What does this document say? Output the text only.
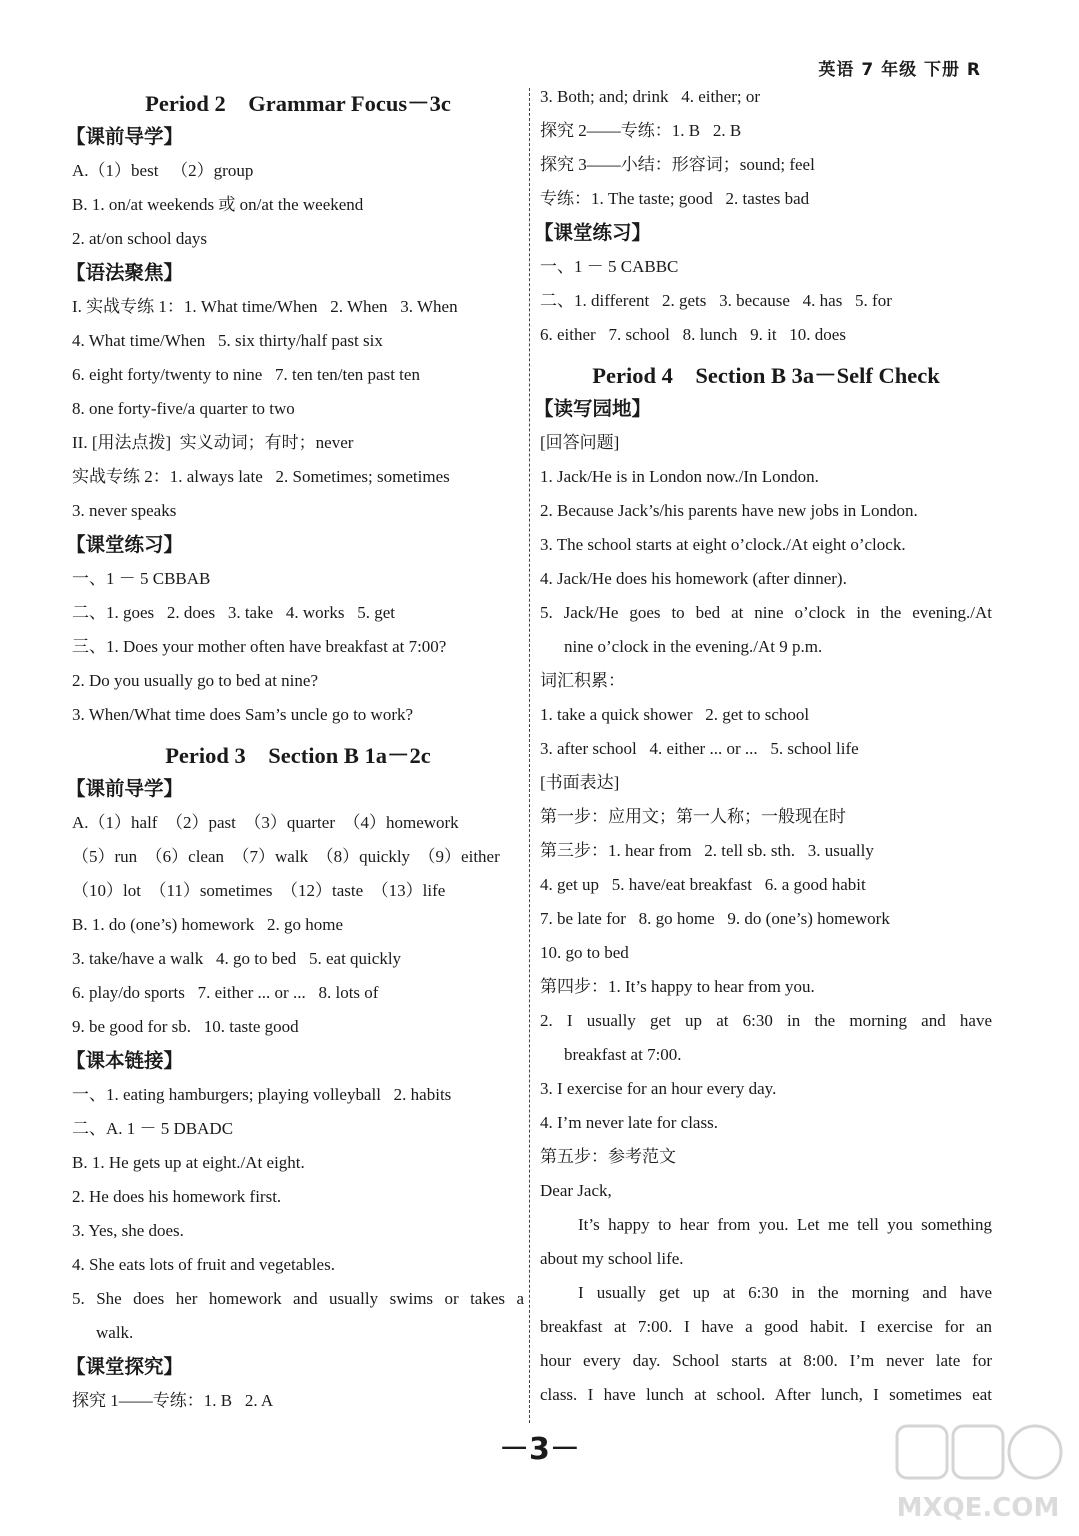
英语 7 年级 下册 R
Period 2    Grammar Focus－3c
【课前导学】
A.（1）best   （2）group
B. 1. on/at weekends 或 on/at the weekend
2. at/on school days
【语法聚焦】
I. 实战专练 1：1. What time/When   2. When   3. When
4. What time/When   5. six thirty/half past six
6. eight forty/twenty to nine   7. ten ten/ten past ten
8. one forty-five/a quarter to two
II. [用法点拨]  实义动词；有时；never
实战专练 2：1. always late   2. Sometimes; sometimes
3. never speaks
【课堂练习】
一、1 － 5 CBBAB
二、1. goes   2. does   3. take   4. works   5. get
三、1. Does your mother often have breakfast at 7:00?
2. Do you usually go to bed at nine?
3. When/What time does Sam’s uncle go to work?
Period 3    Section B 1a－2c
【课前导学】
A.（1）half  （2）past  （3）quarter  （4）homework
（5）run  （6）clean  （7）walk  （8）quickly  （9）either
（10）lot  （11）sometimes  （12）taste  （13）life
B. 1. do (one’s) homework   2. go home
3. take/have a walk   4. go to bed   5. eat quickly
6. play/do sports   7. either ... or ...   8. lots of
9. be good for sb.   10. taste good
【课本链接】
一、1. eating hamburgers; playing volleyball   2. habits
二、A. 1 － 5 DBADC
B. 1. He gets up at eight./At eight.
2. He does his homework first.
3. Yes, she does.
4. She eats lots of fruit and vegetables.
5. She does her homework and usually swims or takes a
walk.
【课堂探究】
探究 1——专练：1. B   2. A
3. Both; and; drink   4. either; or
探究 2——专练：1. B   2. B
探究 3——小结：形容词；sound; feel
专练：1. The taste; good   2. tastes bad
【课堂练习】
一、1 － 5 CABBC
二、1. different   2. gets   3. because   4. has   5. for
6. either   7. school   8. lunch   9. it   10. does
Period 4    Section B 3a－Self Check
【读写园地】
[回答问题]
1. Jack/He is in London now./In London.
2. Because Jack’s/his parents have new jobs in London.
3. The school starts at eight o’clock./At eight o’clock.
4. Jack/He does his homework (after dinner).
5. Jack/He goes to bed at nine o’clock in the evening./At
nine o’clock in the evening./At 9 p.m.
词汇积累：
1. take a quick shower   2. get to school
3. after school   4. either ... or ...   5. school life
[书面表达]
第一步：应用文；第一人称；一般现在时
第三步：1. hear from   2. tell sb. sth.   3. usually
4. get up   5. have/eat breakfast   6. a good habit
7. be late for   8. go home   9. do (one’s) homework
10. go to bed
第四步：1. It’s happy to hear from you.
2. I usually get up at 6:30 in the morning and have
breakfast at 7:00.
3. I exercise for an hour every day.
4. I’m never late for class.
第五步：参考范文
Dear Jack,
It’s happy to hear from you. Let me tell you something
about my school life.
I usually get up at 6:30 in the morning and have
breakfast at 7:00. I have a good habit. I exercise for an
hour every day. School starts at 8:00. I’m never late for
class. I have lunch at school. After lunch, I sometimes eat
－3－
MXQE.COM
